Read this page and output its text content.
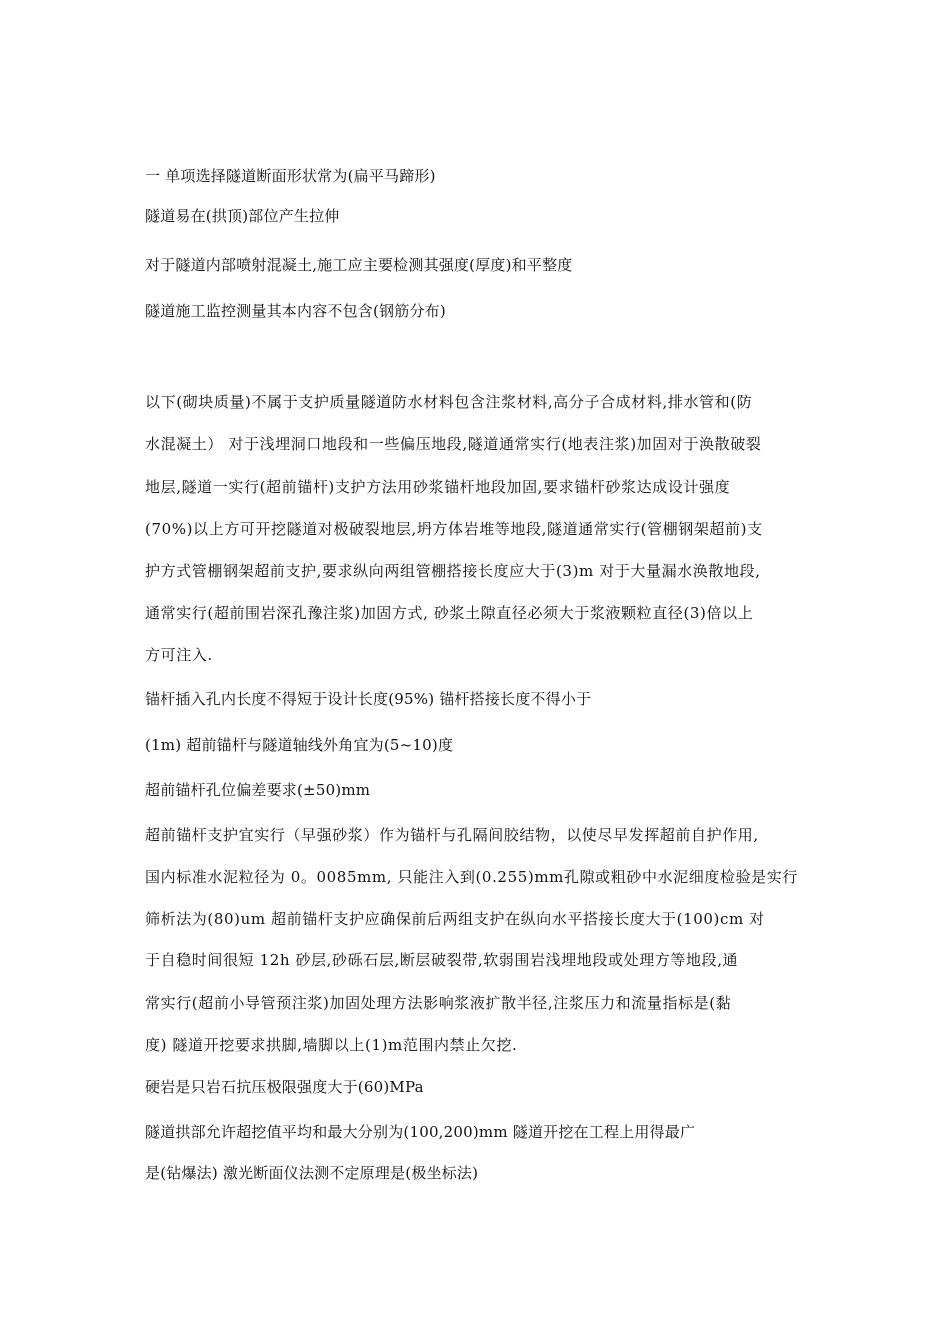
一 单项选择隧道断面形状常为(扁平马蹄形)
隧道易在(拱顶)部位产生拉伸
对于隧道内部喷射混凝土,施工应主要检测其强度(厚度)和平整度
隧道施工监控测量其本内容不包含(钢筋分布)
以下(砌块质量)不属于支护质量隧道防水材料包含注浆材料,高分子合成材料,排水管和(防
水混凝土） 对于浅埋洞口地段和一些偏压地段,隧道通常实行(地表注浆)加固对于涣散破裂
地层,隧道一实行(超前锚杆)支护方法用砂浆锚杆地段加固,要求锚杆砂浆达成设计强度
(70%)以上方可开挖隧道对极破裂地层,坍方体岩堆等地段,隧道通常实行(管棚钢架超前)支
护方式管棚钢架超前支护,要求纵向两组管棚搭接长度应大于(3)m 对于大量漏水涣散地段,
通常实行(超前围岩深孔豫注浆)加固方式, 砂浆土隙直径必须大于浆液颗粒直径(3)倍以上
方可注入.
锚杆插入孔内长度不得短于设计长度(95%) 锚杆搭接长度不得小于
(1m) 超前锚杆与隧道轴线外角宜为(5~10)度
超前锚杆孔位偏差要求(±50)mm
超前锚杆支护宜实行（早强砂浆）作为锚杆与孔隔间胶结物，以使尽早发挥超前自护作用,
国内标准水泥粒径为 0。0085mm, 只能注入到(0.255)mm孔隙或粗砂中水泥细度检验是实行
筛析法为(80)um 超前锚杆支护应确保前后两组支护在纵向水平搭接长度大于(100)cm 对
于自稳时间很短 12h 砂层,砂砾石层,断层破裂带,软弱围岩浅埋地段或处理方等地段,通
常实行(超前小导管预注浆)加固处理方法影响浆液扩散半径,注浆压力和流量指标是(黏
度) 隧道开挖要求拱脚,墙脚以上(1)m范围内禁止欠挖.
硬岩是只岩石抗压极限强度大于(60)MPa
隧道拱部允许超挖值平均和最大分别为(100,200)mm 隧道开挖在工程上用得最广
是(钻爆法) 激光断面仪法测不定原理是(极坐标法)
